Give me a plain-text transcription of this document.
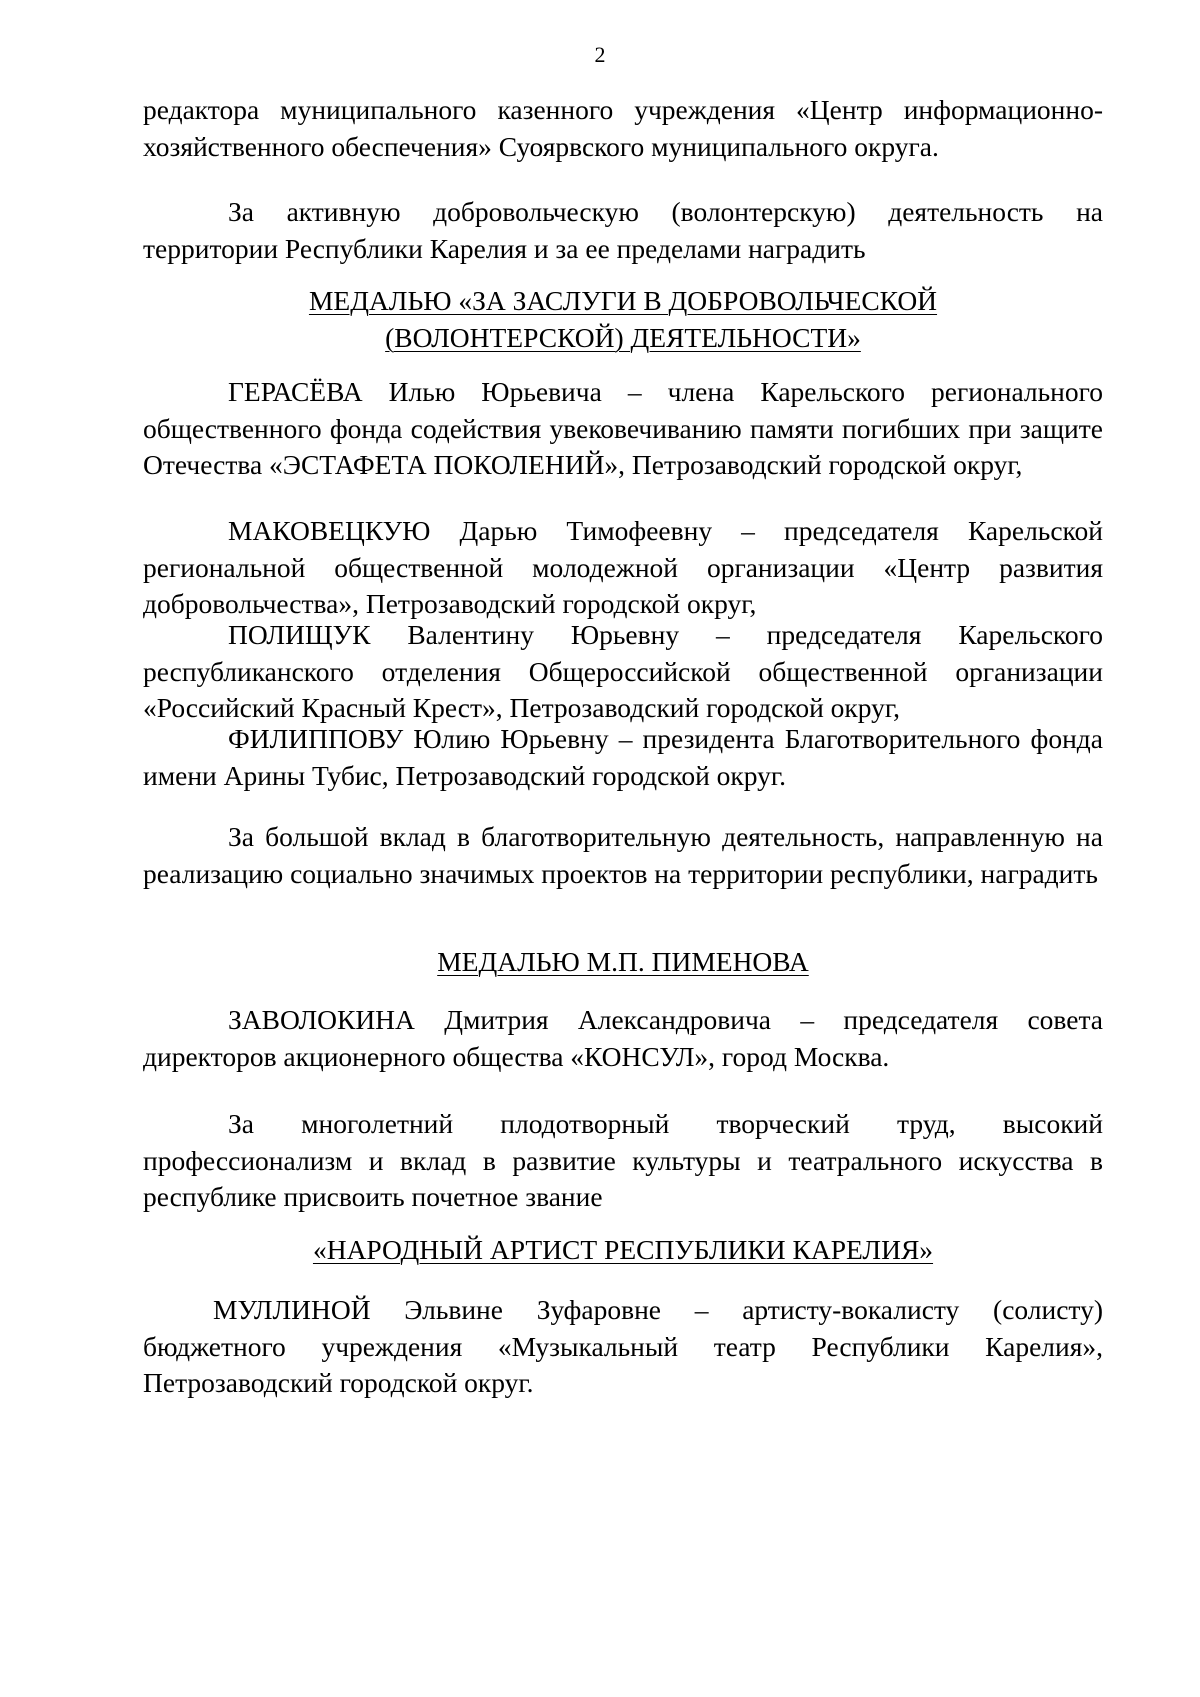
2

редактора муниципального казенного учреждения «Центр информационно-хозяйственного обеспечения» Суоярвского муниципального округа.

За активную добровольческую (волонтерскую) деятельность на территории Республики Карелия и за ее пределами наградить

МЕДАЛЬЮ «ЗА ЗАСЛУГИ В ДОБРОВОЛЬЧЕСКОЙ
(ВОЛОНТЕРСКОЙ) ДЕЯТЕЛЬНОСТИ»

ГЕРАСЁВА Илью Юрьевича – члена Карельского регионального общественного фонда содействия увековечиванию памяти погибших при защите Отечества «ЭСТАФЕТА ПОКОЛЕНИЙ», Петрозаводский городской округ,

МАКОВЕЦКУЮ Дарью Тимофеевну – председателя Карельской региональной общественной молодежной организации «Центр развития добровольчества», Петрозаводский городской округ,

ПОЛИЩУК Валентину Юрьевну – председателя Карельского республиканского отделения Общероссийской общественной организации «Российский Красный Крест», Петрозаводский городской округ,

ФИЛИППОВУ Юлию Юрьевну – президента Благотворительного фонда имени Арины Тубис, Петрозаводский городской округ.

За большой вклад в благотворительную деятельность, направленную на реализацию социально значимых проектов на территории республики, наградить

МЕДАЛЬЮ М.П. ПИМЕНОВА

ЗАВОЛОКИНА Дмитрия Александровича – председателя совета директоров акционерного общества «КОНСУЛ», город Москва.

За многолетний плодотворный творческий труд, высокий профессионализм и вклад в развитие культуры и театрального искусства в республике присвоить почетное звание

«НАРОДНЫЙ АРТИСТ РЕСПУБЛИКИ КАРЕЛИЯ»

МУЛЛИНОЙ Эльвине Зуфаровне – артисту-вокалисту (солисту) бюджетного учреждения «Музыкальный театр Республики Карелия», Петрозаводский городской округ.
